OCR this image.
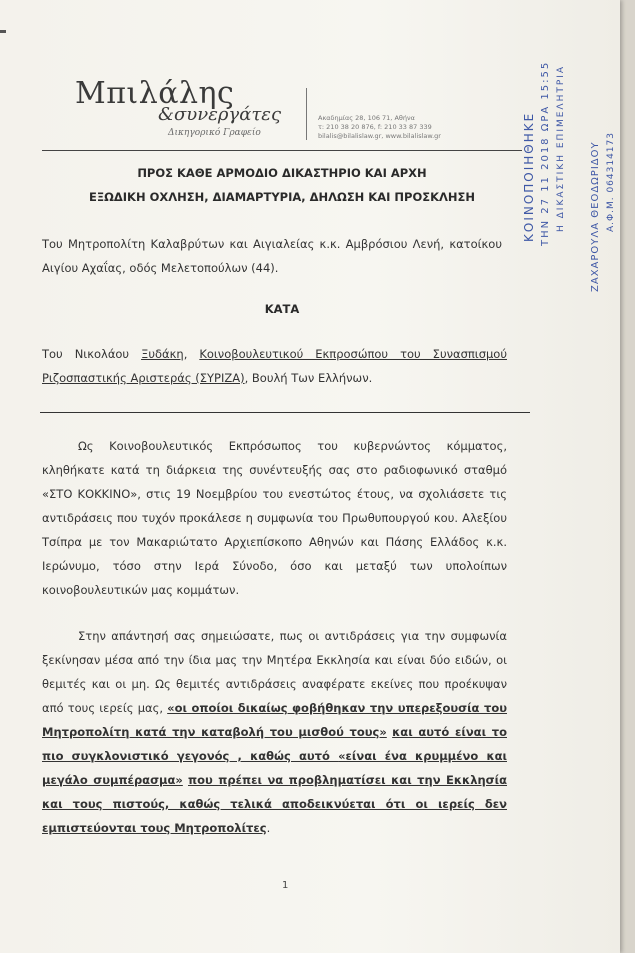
Μπιλάλης
&συνεργάτες
Δικηγορικό Γραφείο
Ακαδημίας 28, 106 71, Αθήνα
τ: 210 38 20 876, f: 210 33 87 339
bilalis@bilalislaw.gr, www.bilalislaw.gr	ΚΟΙΝΟΠΟΙΗΘΗΚΕ ΤΗΝ 27 11 2018 ΩΡΑ 15:55 Η ΔΙΚΑΣΤΙΚΗ ΕΠΙΜΕΛΗΤΡΙΑ ΖΑΧΑΡΟΥΛΑ ΘΕΟΔΩΡΙΔΟΥ Α.Φ.Μ. 064314173
ΠΡΟΣ ΚΑΘΕ ΑΡΜΟΔΙΟ ΔΙΚΑΣΤΗΡΙΟ ΚΑΙ ΑΡΧΗ
ΕΞΩΔΙΚΗ ΟΧΛΗΣΗ, ΔΙΑΜΑΡΤΥΡΙΑ, ΔΗΛΩΣΗ ΚΑΙ ΠΡΟΣΚΛΗΣΗ
Του Μητροπολίτη Καλαβρύτων και Αιγιαλείας κ.κ. Αμβρόσιου Λενή, κατοίκου Αιγίου Αχαΐας, οδός Μελετοπούλων (44).
ΚΑΤΑ
Του Νικολάου Ξυδάκη, Κοινοβουλευτικού Εκπροσώπου του Συνασπισμού Ριζοσπαστικής Αριστεράς (ΣΥΡΙΖΑ), Βουλή Των Ελλήνων.
Ως Κοινοβουλευτικός Εκπρόσωπος του κυβερνώντος κόμματος, κληθήκατε κατά τη διάρκεια της συνέντευξής σας στο ραδιοφωνικό σταθμό «ΣΤΟ ΚΟΚΚΙΝΟ», στις 19 Νοεμβρίου του ενεστώτος έτους, να σχολιάσετε τις αντιδράσεις που τυχόν προκάλεσε η συμφωνία του Πρωθυπουργού κου. Αλεξίου Τσίπρα με τον Μακαριώτατο Αρχιεπίσκοπο Αθηνών και Πάσης Ελλάδος κ.κ. Ιερώνυμο, τόσο στην Ιερά Σύνοδο, όσο και μεταξύ των υπολοίπων κοινοβουλευτικών μας κομμάτων.
Στην απάντησή σας σημειώσατε, πως οι αντιδράσεις για την συμφωνία ξεκίνησαν μέσα από την ίδια μας την Μητέρα Εκκλησία και είναι δύο ειδών, οι θεμιτές και οι μη. Ως θεμιτές αντιδράσεις αναφέρατε εκείνες που προέκυψαν από τους ιερείς μας, «οι οποίοι δικαίως φοβήθηκαν την υπερεξουσία του Μητροπολίτη κατά την καταβολή του μισθού τους» και αυτό είναι το πιο συγκλονιστικό γεγονός , καθώς αυτό «είναι ένα κρυμμένο και μεγάλο συμπέρασμα» που πρέπει να προβληματίσει και την Εκκλησία και τους πιστούς, καθώς τελικά αποδεικνύεται ότι οι ιερείς δεν εμπιστεύονται τους Μητροπολίτες.
1
